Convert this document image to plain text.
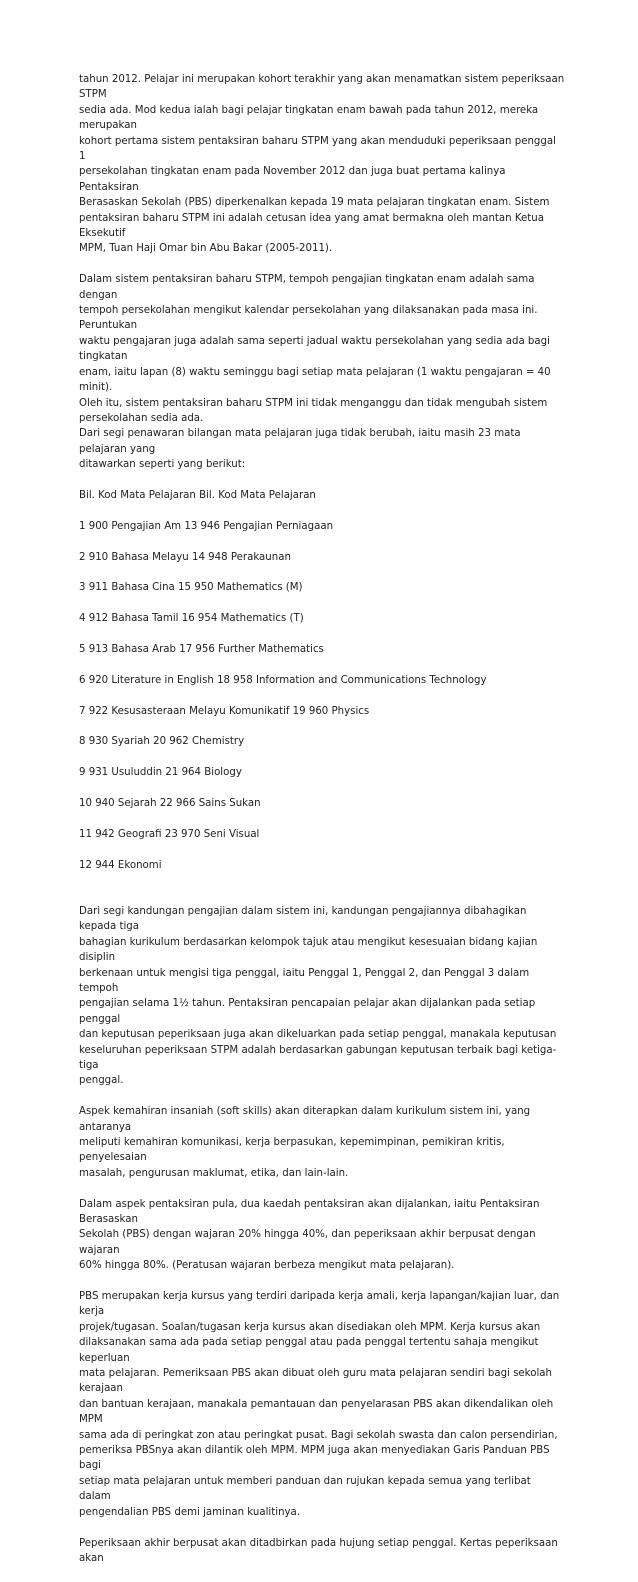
tahun 2012. Pelajar ini merupakan kohort terakhir yang akan menamatkan sistem peperiksaan STPM
sedia ada. Mod kedua ialah bagi pelajar tingkatan enam bawah pada tahun 2012, mereka merupakan
kohort pertama sistem pentaksiran baharu STPM yang akan menduduki peperiksaan penggal 1
persekolahan tingkatan enam pada November 2012 dan juga buat pertama kalinya Pentaksiran
Berasaskan Sekolah (PBS) diperkenalkan kepada 19 mata pelajaran tingkatan enam. Sistem
pentaksiran baharu STPM ini adalah cetusan idea yang amat bermakna oleh mantan Ketua Eksekutif
MPM, Tuan Haji Omar bin Abu Bakar (2005-2011).

Dalam sistem pentaksiran baharu STPM, tempoh pengajian tingkatan enam adalah sama dengan
tempoh persekolahan mengikut kalendar persekolahan yang dilaksanakan pada masa ini. Peruntukan
waktu pengajaran juga adalah sama seperti jadual waktu persekolahan yang sedia ada bagi tingkatan
enam, iaitu lapan (8) waktu seminggu bagi setiap mata pelajaran (1 waktu pengajaran = 40 minit).
Oleh itu, sistem pentaksiran baharu STPM ini tidak menganggu dan tidak mengubah sistem
persekolahan sedia ada.
Dari segi penawaran bilangan mata pelajaran juga tidak berubah, iaitu masih 23 mata pelajaran yang
ditawarkan seperti yang berikut:

Bil. Kod Mata Pelajaran Bil. Kod Mata Pelajaran

1 900 Pengajian Am 13 946 Pengajian Perniagaan

2 910 Bahasa Melayu 14 948 Perakaunan

3 911 Bahasa Cina 15 950 Mathematics (M)

4 912 Bahasa Tamil 16 954 Mathematics (T)

5 913 Bahasa Arab 17 956 Further Mathematics

6 920 Literature in English 18 958 Information and Communications Technology

7 922 Kesusasteraan Melayu Komunikatif 19 960 Physics

8 930 Syariah 20 962 Chemistry

9 931 Usuluddin 21 964 Biology

10 940 Sejarah 22 966 Sains Sukan

11 942 Geografi 23 970 Seni Visual

12 944 Ekonomi

Dari segi kandungan pengajian dalam sistem ini, kandungan pengajiannya dibahagikan kepada tiga
bahagian kurikulum berdasarkan kelompok tajuk atau mengikut kesesuaian bidang kajian disiplin
berkenaan untuk mengisi tiga penggal, iaitu Penggal 1, Penggal 2, dan Penggal 3 dalam tempoh
pengajian selama 1½ tahun. Pentaksiran pencapaian pelajar akan dijalankan pada setiap penggal
dan keputusan peperiksaan juga akan dikeluarkan pada setiap penggal, manakala keputusan
keseluruhan peperiksaan STPM adalah berdasarkan gabungan keputusan terbaik bagi ketiga-tiga
penggal.

Aspek kemahiran insaniah (soft skills) akan diterapkan dalam kurikulum sistem ini, yang antaranya
meliputi kemahiran komunikasi, kerja berpasukan, kepemimpinan, pemikiran kritis, penyelesaian
masalah, pengurusan maklumat, etika, dan lain-lain.

Dalam aspek pentaksiran pula, dua kaedah pentaksiran akan dijalankan, iaitu Pentaksiran Berasaskan
Sekolah (PBS) dengan wajaran 20% hingga 40%, dan peperiksaan akhir berpusat dengan wajaran
60% hingga 80%. (Peratusan wajaran berbeza mengikut mata pelajaran).

PBS merupakan kerja kursus yang terdiri daripada kerja amali, kerja lapangan/kajian luar, dan kerja
projek/tugasan. Soalan/tugasan kerja kursus akan disediakan oleh MPM. Kerja kursus akan
dilaksanakan sama ada pada setiap penggal atau pada penggal tertentu sahaja mengikut keperluan
mata pelajaran. Pemeriksaan PBS akan dibuat oleh guru mata pelajaran sendiri bagi sekolah kerajaan
dan bantuan kerajaan, manakala pemantauan dan penyelarasan PBS akan dikendalikan oleh MPM
sama ada di peringkat zon atau peringkat pusat. Bagi sekolah swasta dan calon persendirian,
pemeriksa PBSnya akan dilantik oleh MPM. MPM juga akan menyediakan Garis Panduan PBS bagi
setiap mata pelajaran untuk memberi panduan dan rujukan kepada semua yang terlibat dalam
pengendalian PBS demi jaminan kualitinya.

Peperiksaan akhir berpusat akan ditadbirkan pada hujung setiap penggal. Kertas peperiksaan akan
